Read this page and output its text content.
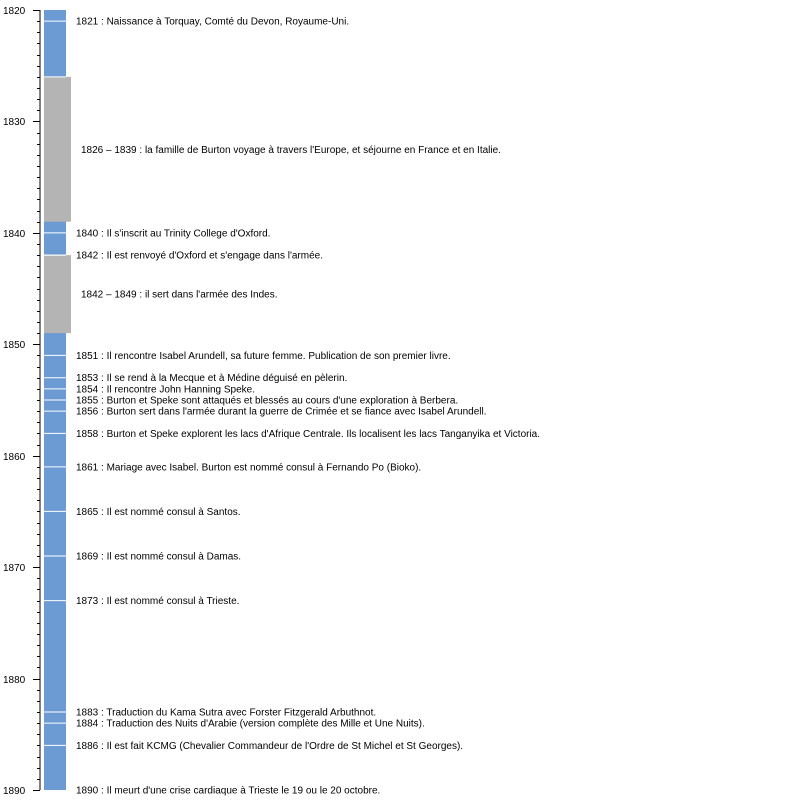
1820
1830
1840
1850
1860
1870
1880
1890
1826 – 1839 : la famille de Burton voyage à travers l'Europe, et séjourne en France et en Italie.
1842 – 1849 : il sert dans l'armée des Indes.
1821 : Naissance à Torquay, Comté du Devon, Royaume-Uni.
1840 : Il s'inscrit au Trinity College d'Oxford.
1842 : Il est renvoyé d'Oxford et s'engage dans l'armée.
1851 : Il rencontre Isabel Arundell, sa future femme. Publication de son premier livre.
1853 : Il se rend à la Mecque et à Médine déguisé en pèlerin.
1854 : Il rencontre John Hanning Speke.
1855 : Burton et Speke sont attaqués et blessés au cours d'une exploration à Berbera.
1856 : Burton sert dans l'armée durant la guerre de Crimée et se fiance avec Isabel Arundell.
1858 : Burton et Speke explorent les lacs d'Afrique Centrale. Ils localisent les lacs Tanganyika et Victoria.
1861 : Mariage avec Isabel. Burton est nommé consul à Fernando Po (Bioko).
1865 : Il est nommé consul à Santos.
1869 : Il est nommé consul à Damas.
1873 : Il est nommé consul à Trieste.
1883 : Traduction du Kama Sutra avec Forster Fitzgerald Arbuthnot.
1884 : Traduction des Nuits d'Arabie (version complète des Mille et Une Nuits).
1886 : Il est fait KCMG (Chevalier Commandeur de l'Ordre de St Michel et St Georges).
1890 : Il meurt d'une crise cardiaque à Trieste le 19 ou le 20 octobre.
